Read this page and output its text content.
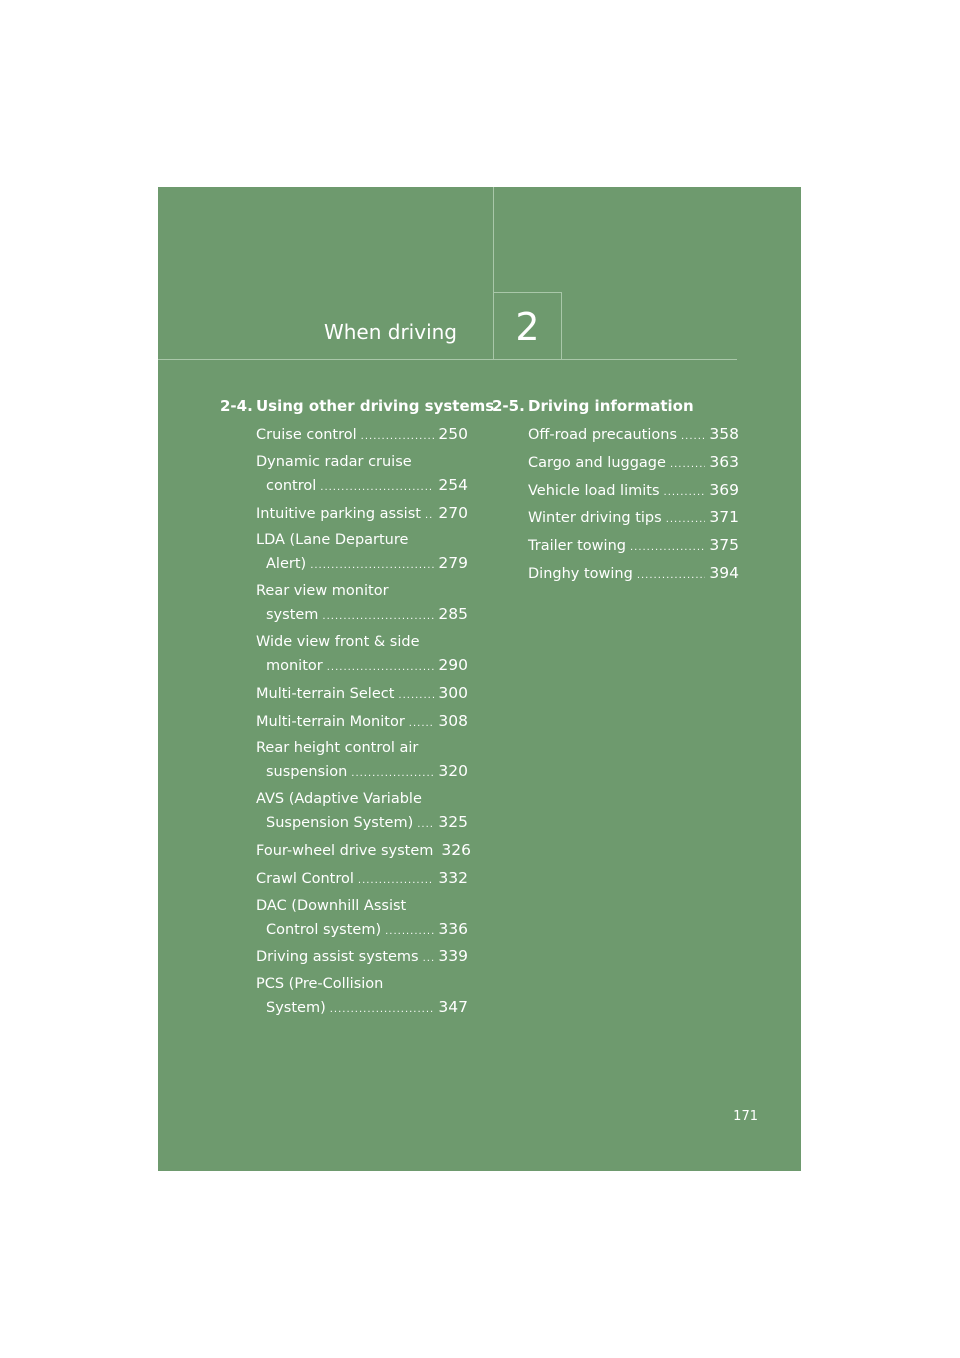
When driving	2
2-4. Using other driving systems
Cruise control .....	250
Dynamic radar cruise
control .....	254
Intuitive parking assist ..... 270
LDA (Lane Departure
Alert) .....	279
Rear view monitor
system .....	285
Wide view front & side
monitor .....	290
Multi-terrain Select .....	300
Multi-terrain Monitor ..... 308
Rear height control air
suspension .....	320
AVS (Adaptive Variable
Suspension System) ..... 325
Four-wheel drive system 326
Crawl Control .....	332
DAC (Downhill Assist
Control system) .....	336
Driving assist systems ..... 339
PCS (Pre-Collision
System) .....	347
2-5. Driving information
Off-road precautions ..... 358
Cargo and luggage .....	363
Vehicle load limits .....	369
Winter driving tips .....	371
Trailer towing .....	375
Dinghy towing .....	394
171
